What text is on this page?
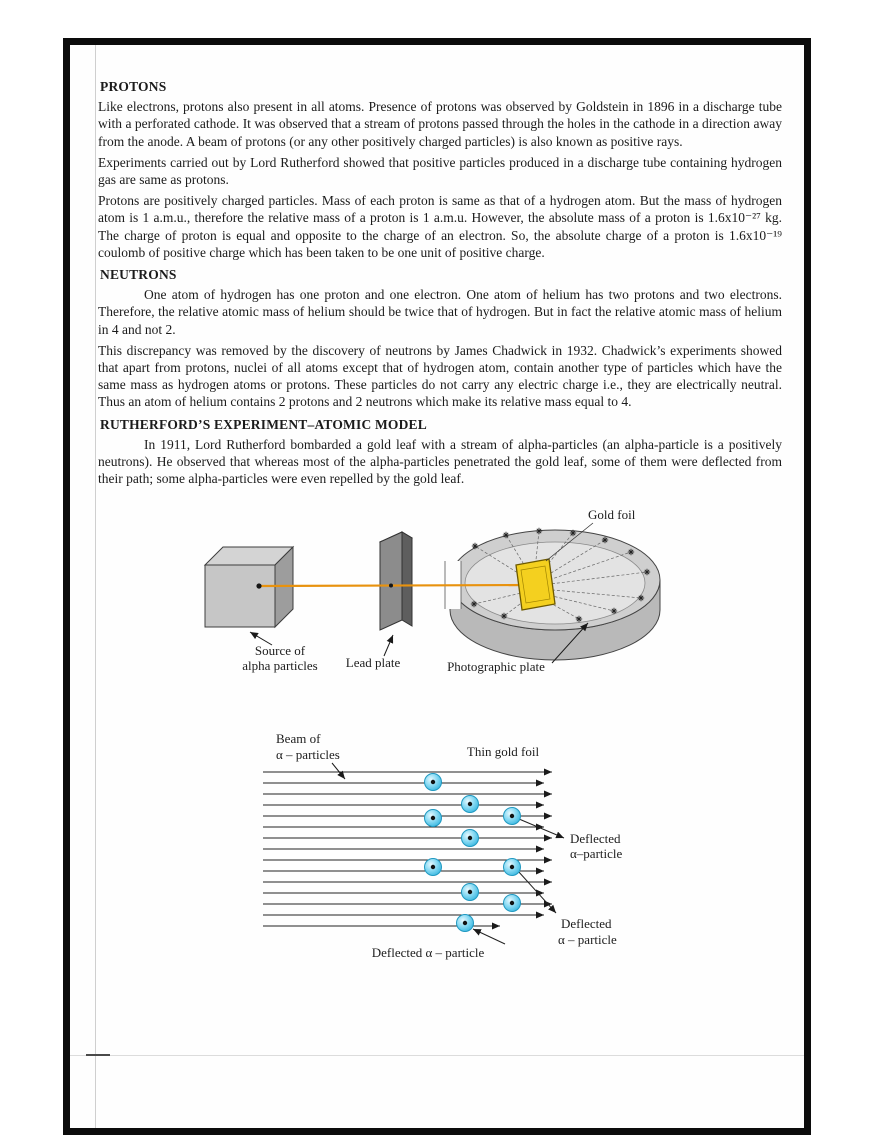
PROTONS

Like electrons, protons also present in all atoms. Presence of protons was observed by Goldstein in 1896 in a discharge tube with a perforated cathode. It was observed that a stream of protons passed through the holes in the cathode in a direction away from the anode. A beam of protons (or any other positively charged particles) is also known as positive rays.

Experiments carried out by Lord Rutherford showed that positive particles produced in a discharge tube containing hydrogen gas are same as protons.

Protons are positively charged particles. Mass of each proton is same as that of a hydrogen atom. But the mass of hydrogen atom is 1 a.m.u., therefore the relative mass of a proton is 1 a.m.u. However, the absolute mass of a proton is 1.6x10⁻²⁷ kg. The charge of proton is equal and opposite to the charge of an electron. So, the absolute charge of a proton is 1.6x10⁻¹⁹ coulomb of positive charge which has been taken to be one unit of positive charge.

NEUTRONS

One atom of hydrogen has one proton and one electron. One atom of helium has two protons and two electrons. Therefore, the relative atomic mass of helium should be twice that of hydrogen. But in fact the relative atomic mass of helium in 4 and not 2.

This discrepancy was removed by the discovery of neutrons by James Chadwick in 1932. Chadwick’s experiments showed that apart from protons, nuclei of all atoms except that of hydrogen atom, contain another type of particles which have the same mass as hydrogen atoms or protons. These particles do not carry any electric charge i.e., they are electrically neutral. Thus an atom of helium contains 2 protons and 2 neutrons which make its relative mass equal to 4.

RUTHERFORD’S EXPERIMENT–ATOMIC MODEL

In 1911, Lord Rutherford bombarded a gold leaf with a stream of alpha-particles (an alpha-particle is a positively neutrons). He observed that whereas most of the alpha-particles penetrated the gold leaf, some of them were deflected from their path; some alpha-particles were even repelled by the gold leaf.

Gold foil
Source of
alpha particles Lead plate	Photographic plate
Beam of
α – particles	Thin gold foil
Deflected
α–particle
Deflected
α – particle
Deflected α – particle
